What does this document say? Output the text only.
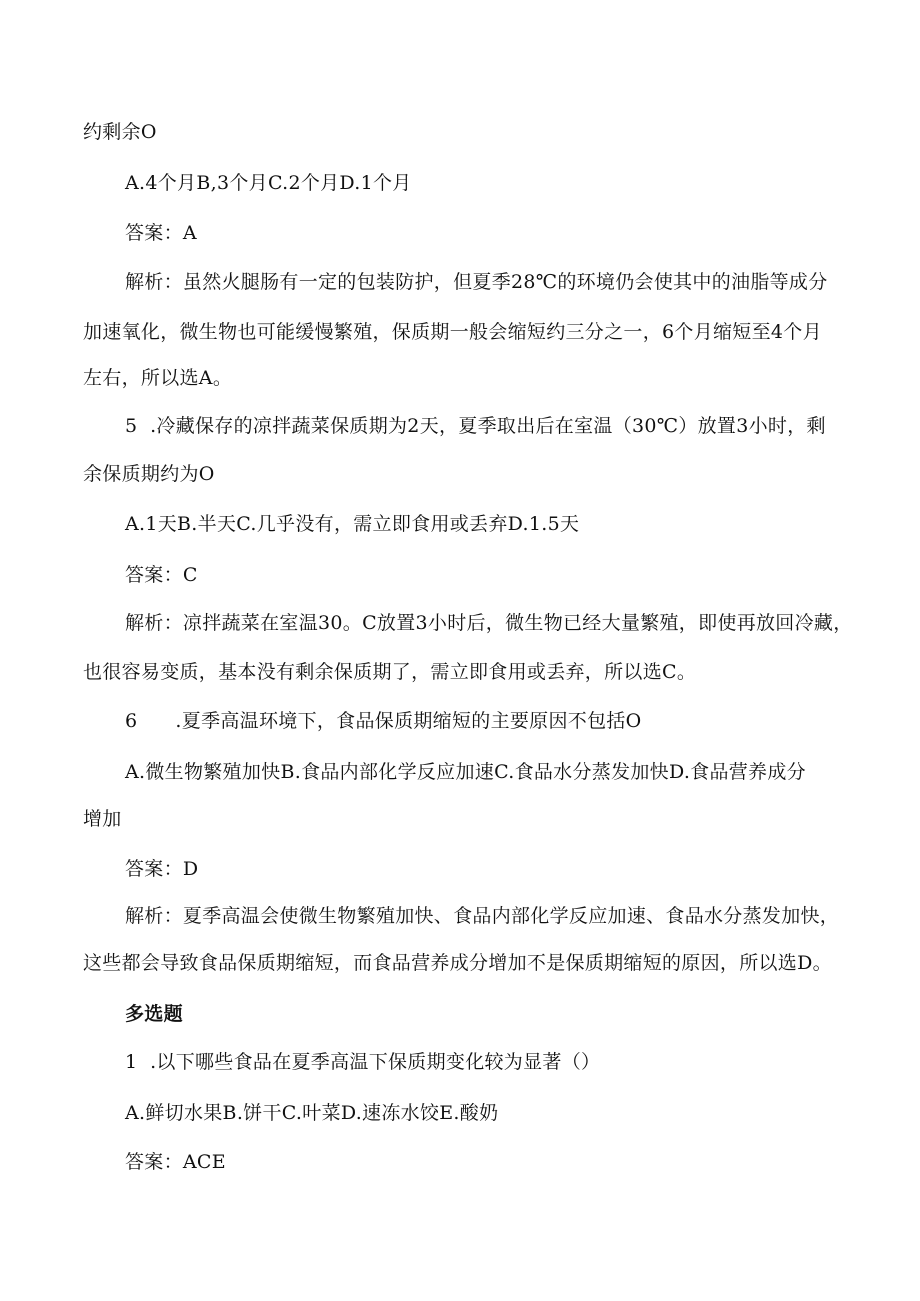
约剩余O
A.4个月B,3个月C.2个月D.1个月
答案：A
解析：虽然火腿肠有一定的包装防护，但夏季28℃的环境仍会使其中的油脂等成分
加速氧化，微生物也可能缓慢繁殖，保质期一般会缩短约三分之一，6个月缩短至4个月
左右，所以选A。
5  .冷藏保存的凉拌蔬菜保质期为2天，夏季取出后在室温（30℃）放置3小时，剩
余保质期约为O
A.1天B.半天C.几乎没有，需立即食用或丢弃D.1.5天
答案：C
解析：凉拌蔬菜在室温30。C放置3小时后，微生物已经大量繁殖，即使再放回冷藏，
也很容易变质，基本没有剩余保质期了，需立即食用或丢弃，所以选C。
6      .夏季高温环境下，食品保质期缩短的主要原因不包括O
A.微生物繁殖加快B.食品内部化学反应加速C.食品水分蒸发加快D.食品营养成分
增加
答案：D
解析：夏季高温会使微生物繁殖加快、食品内部化学反应加速、食品水分蒸发加快，
这些都会导致食品保质期缩短，而食品营养成分增加不是保质期缩短的原因，所以选D。
多选题
1  .以下哪些食品在夏季高温下保质期变化较为显著（）
A.鲜切水果B.饼干C.叶菜D.速冻水饺E.酸奶
答案：ACE
